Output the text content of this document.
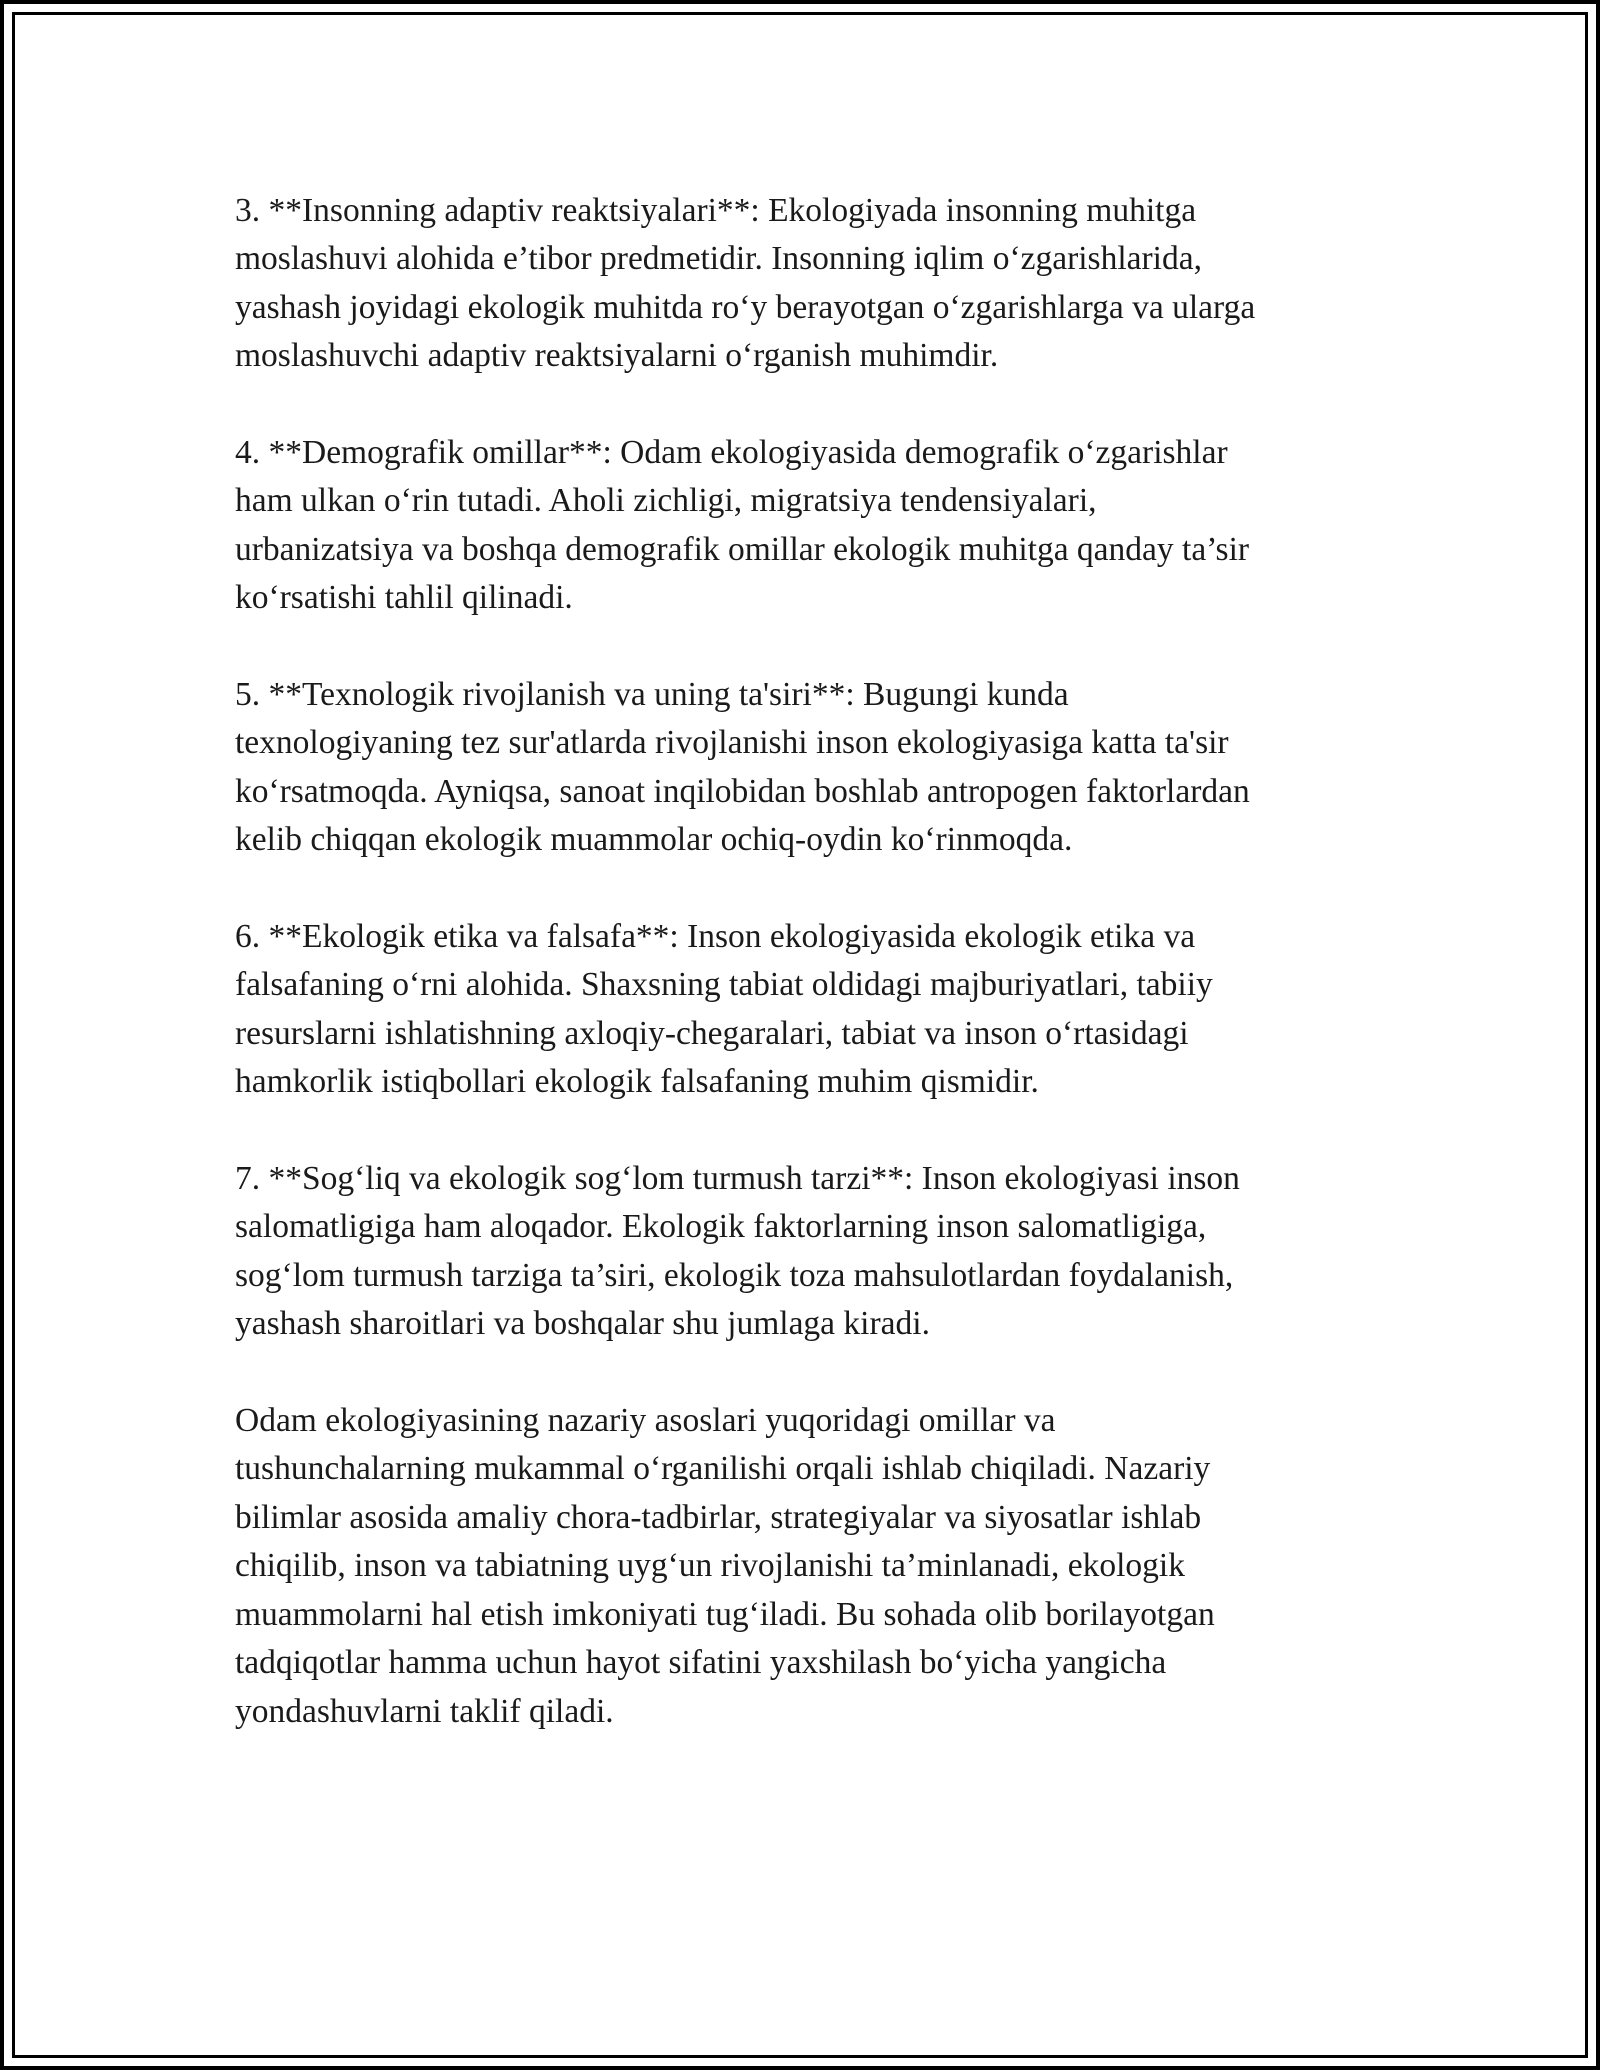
3. **Insonning adaptiv reaktsiyalari**: Ekologiyada insonning muhitga
moslashuvi alohida e’tibor predmetidir. Insonning iqlim o‘zgarishlarida,
yashash joyidagi ekologik muhitda ro‘y berayotgan o‘zgarishlarga va ularga
moslashuvchi adaptiv reaktsiyalarni o‘rganish muhimdir.

4. **Demografik omillar**: Odam ekologiyasida demografik o‘zgarishlar
ham ulkan o‘rin tutadi. Aholi zichligi, migratsiya tendensiyalari,
urbanizatsiya va boshqa demografik omillar ekologik muhitga qanday ta’sir
ko‘rsatishi tahlil qilinadi.

5. **Texnologik rivojlanish va uning ta'siri**: Bugungi kunda
texnologiyaning tez sur'atlarda rivojlanishi inson ekologiyasiga katta ta'sir
ko‘rsatmoqda. Ayniqsa, sanoat inqilobidan boshlab antropogen faktorlardan
kelib chiqqan ekologik muammolar ochiq-oydin ko‘rinmoqda.

6. **Ekologik etika va falsafa**: Inson ekologiyasida ekologik etika va
falsafaning o‘rni alohida. Shaxsning tabiat oldidagi majburiyatlari, tabiiy
resurslarni ishlatishning axloqiy-chegaralari, tabiat va inson o‘rtasidagi
hamkorlik istiqbollari ekologik falsafaning muhim qismidir.

7. **Sog‘liq va ekologik sog‘lom turmush tarzi**: Inson ekologiyasi inson
salomatligiga ham aloqador. Ekologik faktorlarning inson salomatligiga,
sog‘lom turmush tarziga ta’siri, ekologik toza mahsulotlardan foydalanish,
yashash sharoitlari va boshqalar shu jumlaga kiradi.

Odam ekologiyasining nazariy asoslari yuqoridagi omillar va
tushunchalarning mukammal o‘rganilishi orqali ishlab chiqiladi. Nazariy
bilimlar asosida amaliy chora-tadbirlar, strategiyalar va siyosatlar ishlab
chiqilib, inson va tabiatning uyg‘un rivojlanishi ta’minlanadi, ekologik
muammolarni hal etish imkoniyati tug‘iladi. Bu sohada olib borilayotgan
tadqiqotlar hamma uchun hayot sifatini yaxshilash bo‘yicha yangicha
yondashuvlarni taklif qiladi.
